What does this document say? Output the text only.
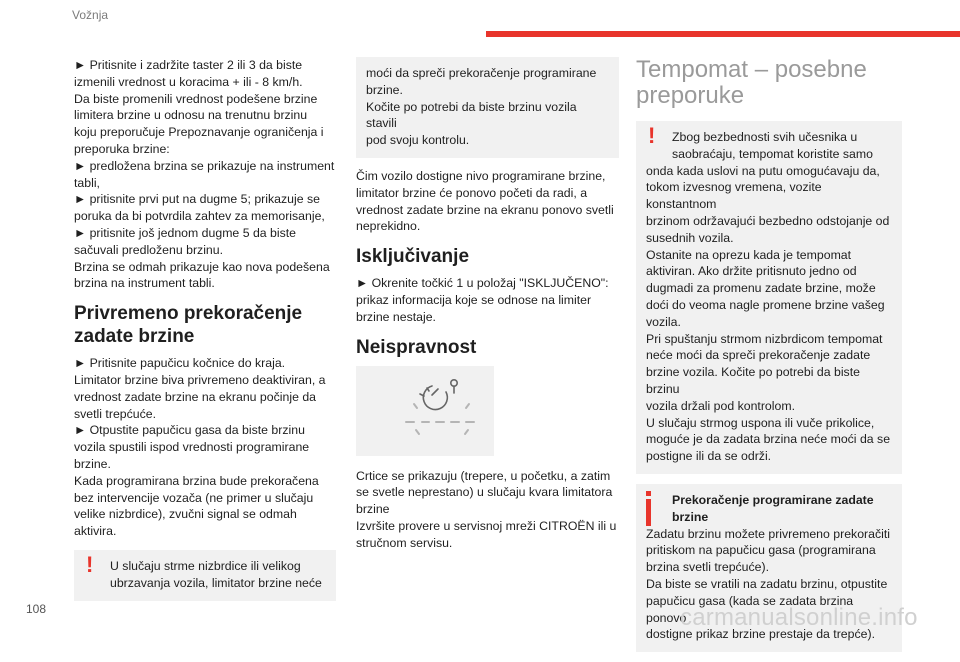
Vožnja

► Pritisnite i zadržite taster 2 ili 3 da biste

izmenili vrednost u koracima + ili - 8 km/h.

Da biste promenili vrednost podešene brzine

limitera brzine u odnosu na trenutnu brzinu

koju preporučuje Prepoznavanje ograničenja i

preporuka brzine:

► predložena brzina se prikazuje na instrument

tabli,

► pritisnite prvi put na dugme 5; prikazuje se

poruka da bi potvrdila zahtev za memorisanje,

► pritisnite još jednom dugme 5 da biste

sačuvali predloženu brzinu.

Brzina se odmah prikazuje kao nova podešena

brzina na instrument tabli.

Privremeno prekoračenje zadate brzine

► Pritisnite papučicu kočnice do kraja.

Limitator brzine biva privremeno deaktiviran, a

vrednost zadate brzine na ekranu počinje da

svetli trepćuće.

► Otpustite papučicu gasa da biste brzinu

vozila spustili ispod vrednosti programirane

brzine.

Kada programirana brzina bude prekoračena

bez intervencije vozača (ne primer u slučaju

velike nizbrdice), zvučni signal se odmah

aktivira.

! U slučaju strme nizbrdice ili velikog

ubrzavanja vozila, limitator brzine neće

moći da spreči prekoračenje programirane

brzine.

Kočite po potrebi da biste brzinu vozila stavili

pod svoju kontrolu.

Čim vozilo dostigne nivo programirane brzine,

limitator brzine će ponovo početi da radi, a

vrednost zadate brzine na ekranu ponovo svetli

neprekidno.

Isključivanje

► Okrenite točkić 1 u položaj "ISKLJUČENO":

prikaz informacija koje se odnose na limiter

brzine nestaje.

Neispravnost

Crtice se prikazuju (trepere, u početku, a zatim

se svetle neprestano) u slučaju kvara limitatora

brzine

Izvršite provere u servisnoj mreži CITROËN ili u

stručnom servisu.

Tempomat – posebne preporuke
!	Zbog bezbednosti svih učesnika u

saobraćaju, tempomat koristite samo

onda kada uslovi na putu omogućavaju da,

tokom izvesnog vremena, vozite konstantnom

brzinom održavajući bezbedno odstojanje od

susednih vozila.

Ostanite na oprezu kada je tempomat

aktiviran. Ako držite pritisnuto jedno od

dugmadi za promenu zadate brzine, može

doći do veoma nagle promene brzine vašeg

vozila.

Pri spuštanju strmom nizbrdicom tempomat

neće moći da spreči prekoračenje zadate

brzine vozila. Kočite po potrebi da biste brzinu

vozila držali pod kontrolom.

U slučaju strmog uspona ili vuče prikolice,

moguće je da zadata brzina neće moći da se

postigne ili da se održi.

Prekoračenje programirane zadate

brzine

Zadatu brzinu možete privremeno prekoračiti

pritiskom na papučicu gasa (programirana

brzina svetli trepćuće).

Da biste se vratili na zadatu brzinu, otpustite

papučicu gasa (kada se zadata brzina ponovo

dostigne prikaz brzine prestaje da trepće).

108	carmanualsonline.info
